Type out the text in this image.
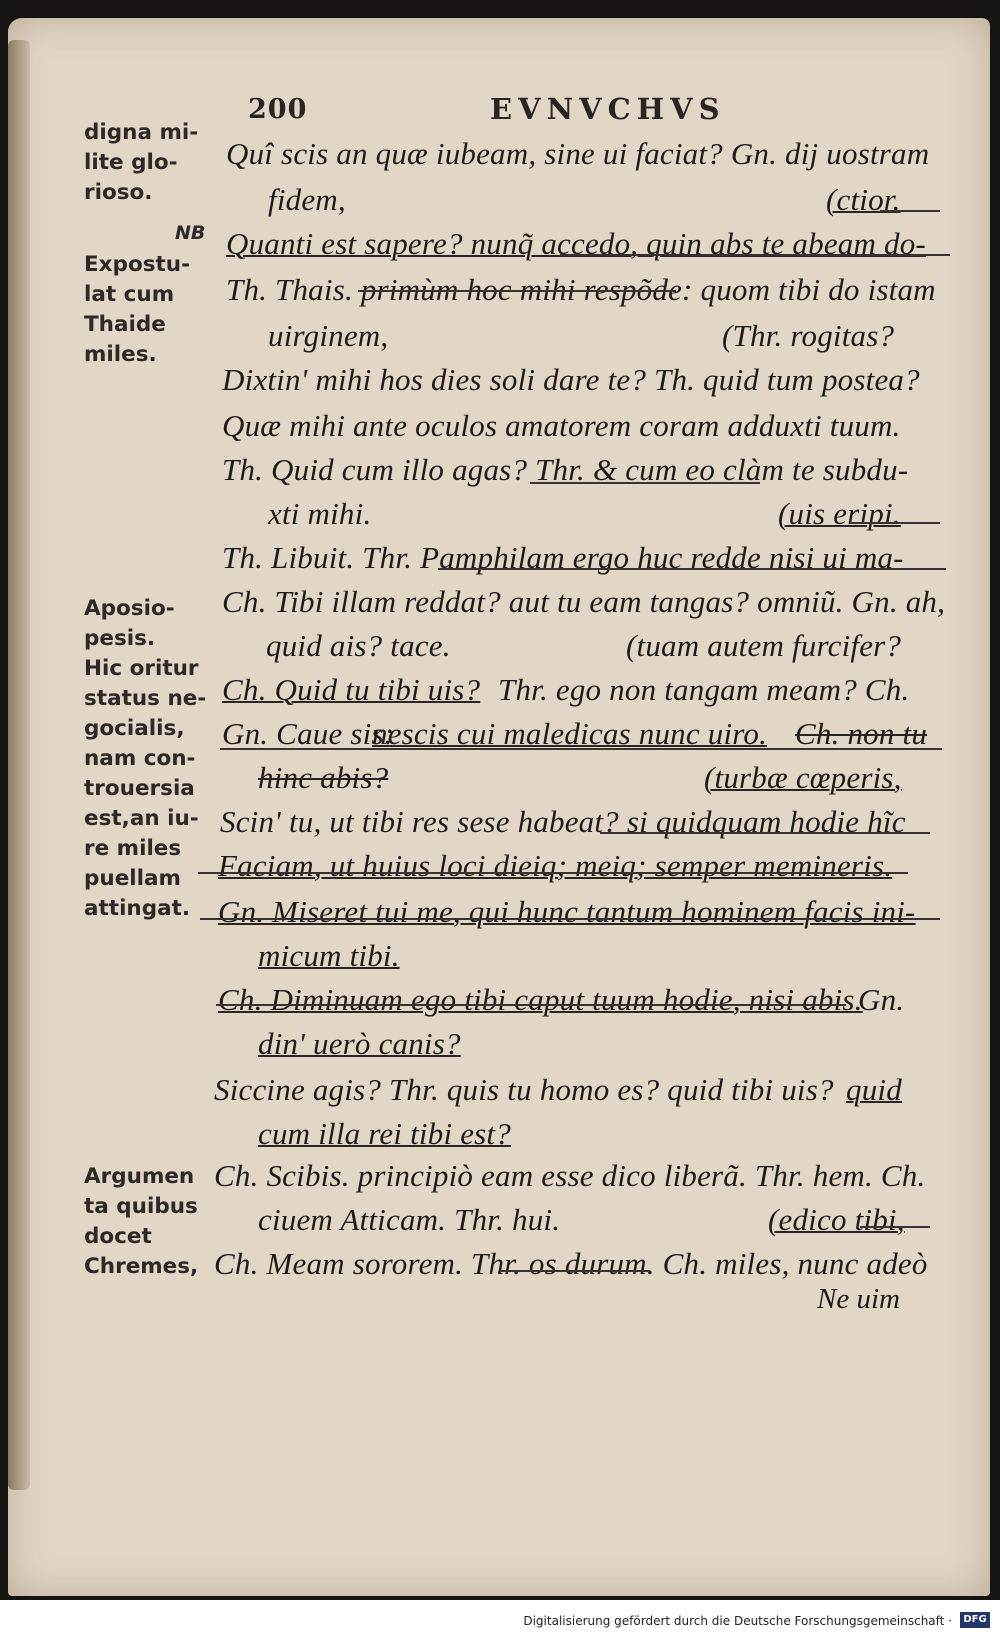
200	EVNVCHVS
digna mi-
lite glo-
rioso.
NB
Expostu-
lat cum
Thaide
miles.
Aposio-
pesis.
Hic oritur
status ne-
gocialis,
nam con-
trouersia
est,an iu-
re miles
puellam
attingat.
Argumen
ta quibus
docet
Chremes,
Quî scis an quæ iubeam, sine ui faciat? Gn. dij uostram
fidem,	(ctior.
Quanti est sapere? nunq̃ accedo, quin abs te abeam do-
Th. Thais. primùm hoc mihi respõde: quom tibi do istam
uirginem,	(Thr. rogitas?
Dixtin' mihi hos dies soli dare te? Th. quid tum postea?
Quæ mihi ante oculos amatorem coram adduxti tuum.
Th. Quid cum illo agas? Thr. & cum eo clàm te subdu-
xti mihi.	(uis eripi.
Th. Libuit. Thr. Pamphilam ergo huc redde nisi ui ma-
Ch. Tibi illam reddat? aut tu eam tangas? omniũ. Gn. ah,
quid ais? tace.	(tuam autem furcifer?
Ch. Quid tu tibi uis? Thr. ego non tangam meam? Ch.
Gn. Caue sis:
nescis cui maledicas nunc uiro. Ch. non tu
hinc abis?	(turbæ cœperis,
Scin' tu, ut tibi res sese habeat? si quidquam hodie hĩc
Faciam, ut huius loci dieiq; meiq; semper memineris.
Gn. Miseret tui me, qui hunc tantum hominem facis ini-
micum tibi.
Ch. Diminuam ego tibi caput tuum hodie, nisi abis.
Gn.
din' uerò canis?
Siccine agis? Thr. quis tu homo es? quid tibi uis? quid
cum illa rei tibi est?
Ch. Scibis. principiò eam esse dico liberã. Thr. hem. Ch.
ciuem Atticam. Thr. hui.	(edico tibi,
Ch. Meam sororem. Thr. os durum. Ch. miles, nunc adeò
Ne uim
Digitalisierung gefördert durch die Deutsche Forschungsgemeinschaft ·	DFG
